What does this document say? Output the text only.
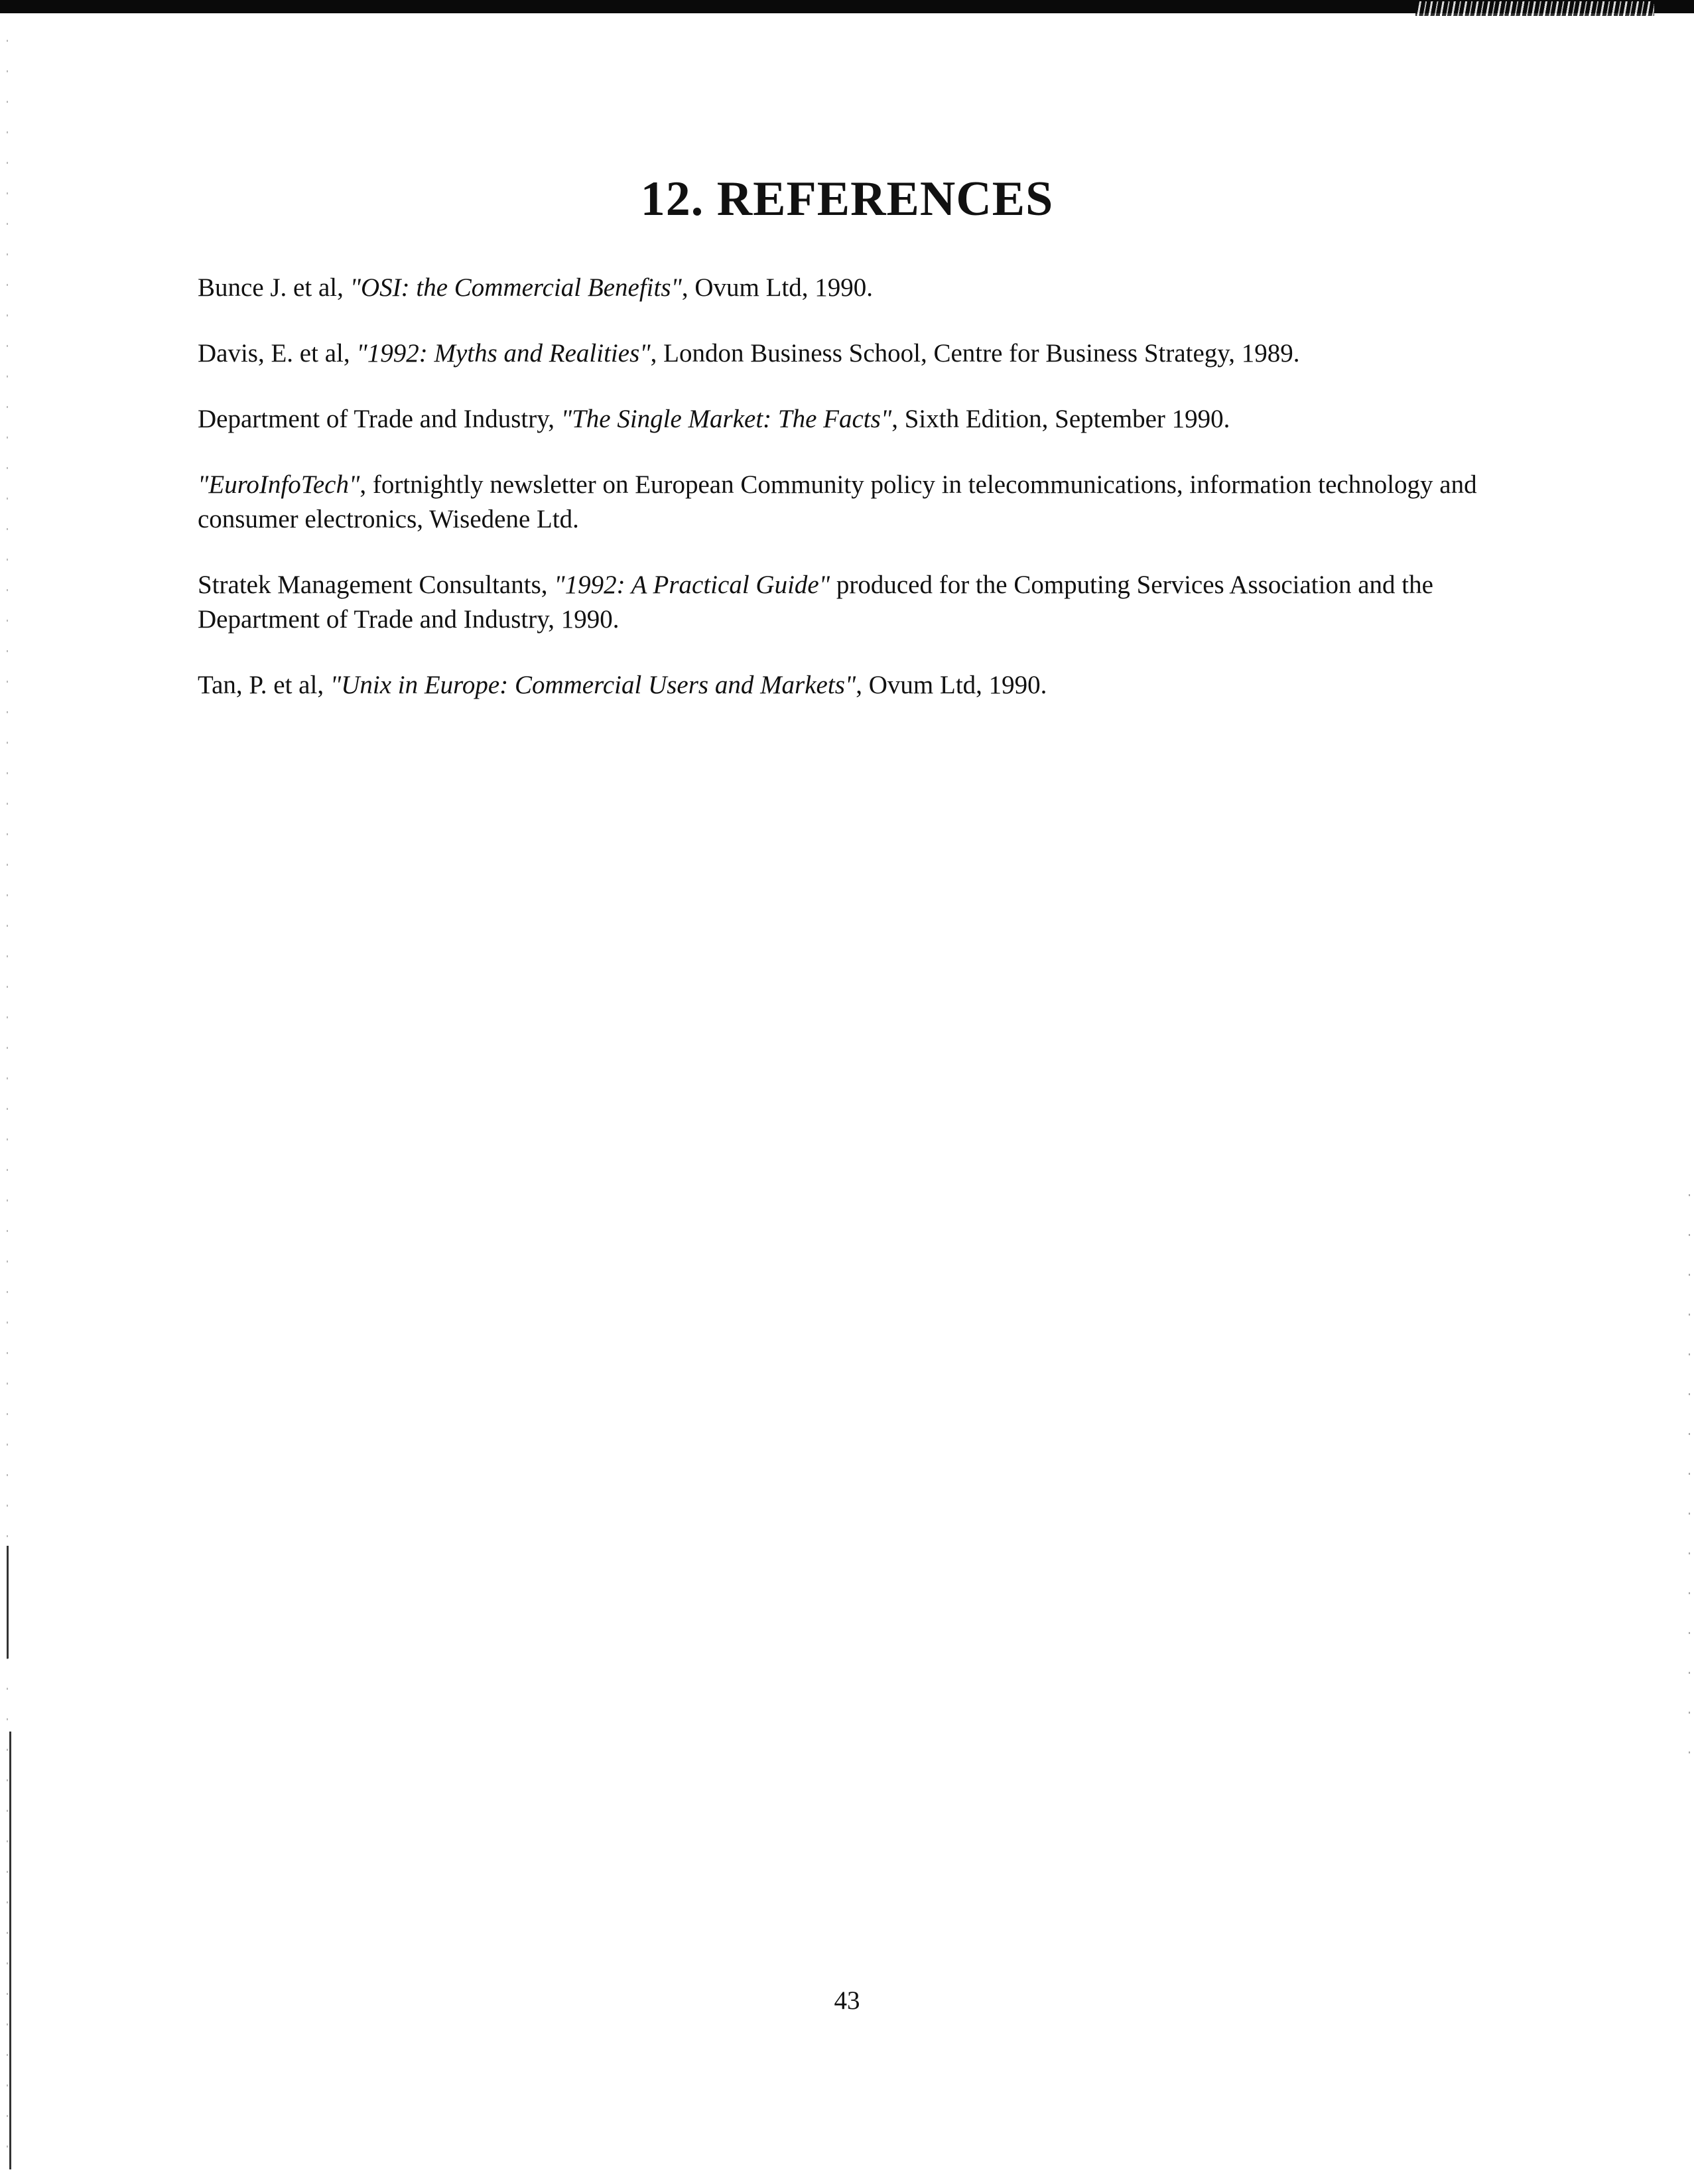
12. REFERENCES
Bunce J. et al, "OSI: the Commercial Benefits", Ovum Ltd, 1990.
Davis, E. et al, "1992: Myths and Realities", London Business School, Centre for Business Strategy, 1989.
Department of Trade and Industry, "The Single Market: The Facts", Sixth Edition, September 1990.
"EuroInfoTech", fortnightly newsletter on European Community policy in telecommunications, information technology and consumer electronics, Wisedene Ltd.
Stratek Management Consultants, "1992: A Practical Guide" produced for the Computing Services Association and the Department of Trade and Industry, 1990.
Tan, P. et al, "Unix in Europe: Commercial Users and Markets", Ovum Ltd, 1990.
43
